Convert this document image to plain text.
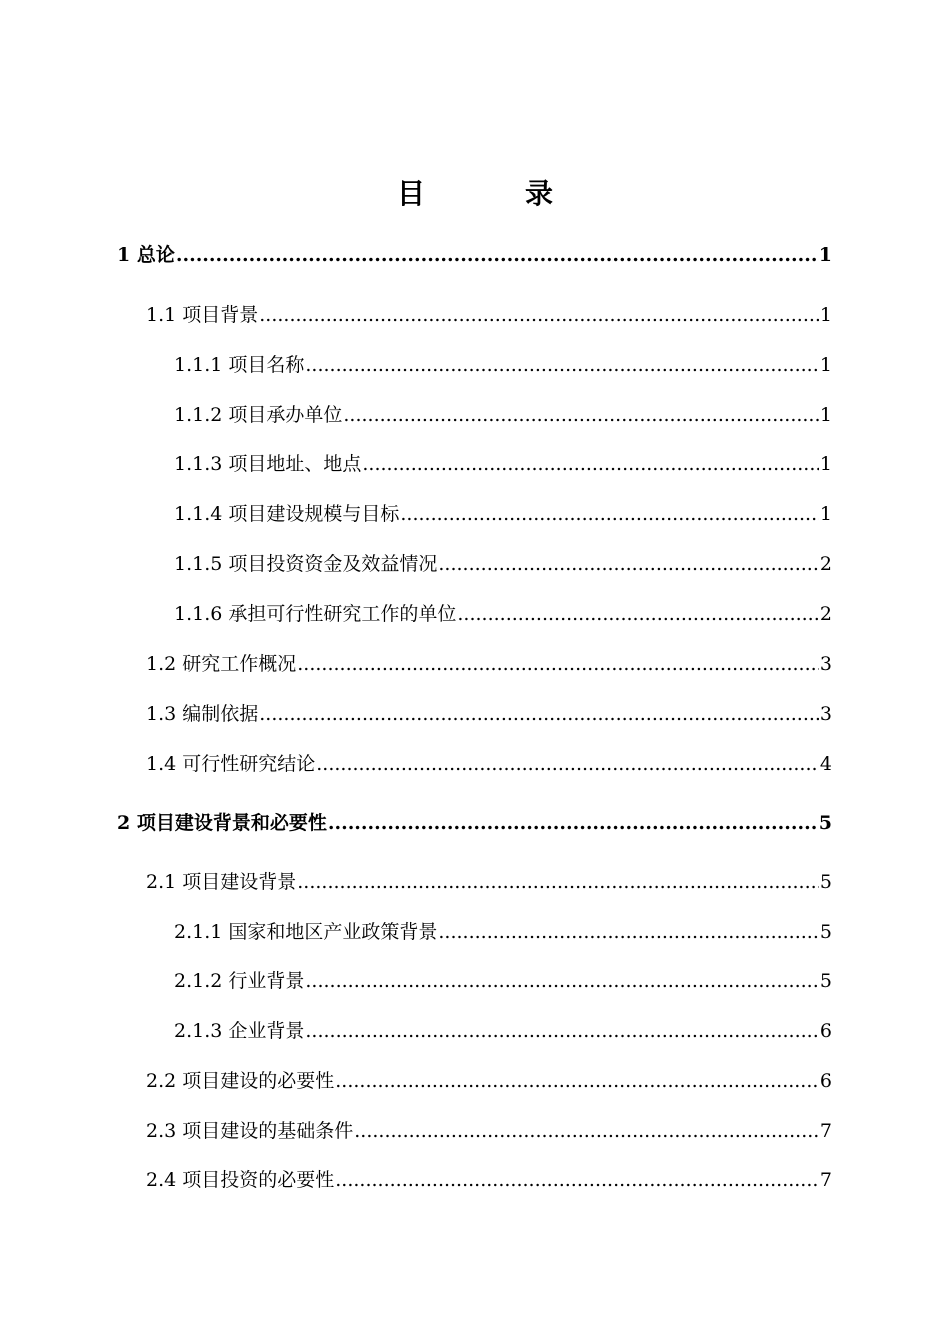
目　录
1 总论 .....	1
1.1 项目背景 .....	1
1.1.1 项目名称 .....	1
1.1.2 项目承办单位 .....	1
1.1.3 项目地址、地点 .....	1
1.1.4 项目建设规模与目标 .....	1
1.1.5 项目投资资金及效益情况 .....	2
1.1.6 承担可行性研究工作的单位 .....	2
1.2 研究工作概况 .....	3
1.3 编制依据 .....	3
1.4 可行性研究结论 .....	4
2 项目建设背景和必要性 .....	5
2.1 项目建设背景 .....	5
2.1.1 国家和地区产业政策背景 .....	5
2.1.2 行业背景 .....	5
2.1.3 企业背景 .....	6
2.2 项目建设的必要性 .....	6
2.3 项目建设的基础条件 .....	7
2.4 项目投资的必要性 .....	7
